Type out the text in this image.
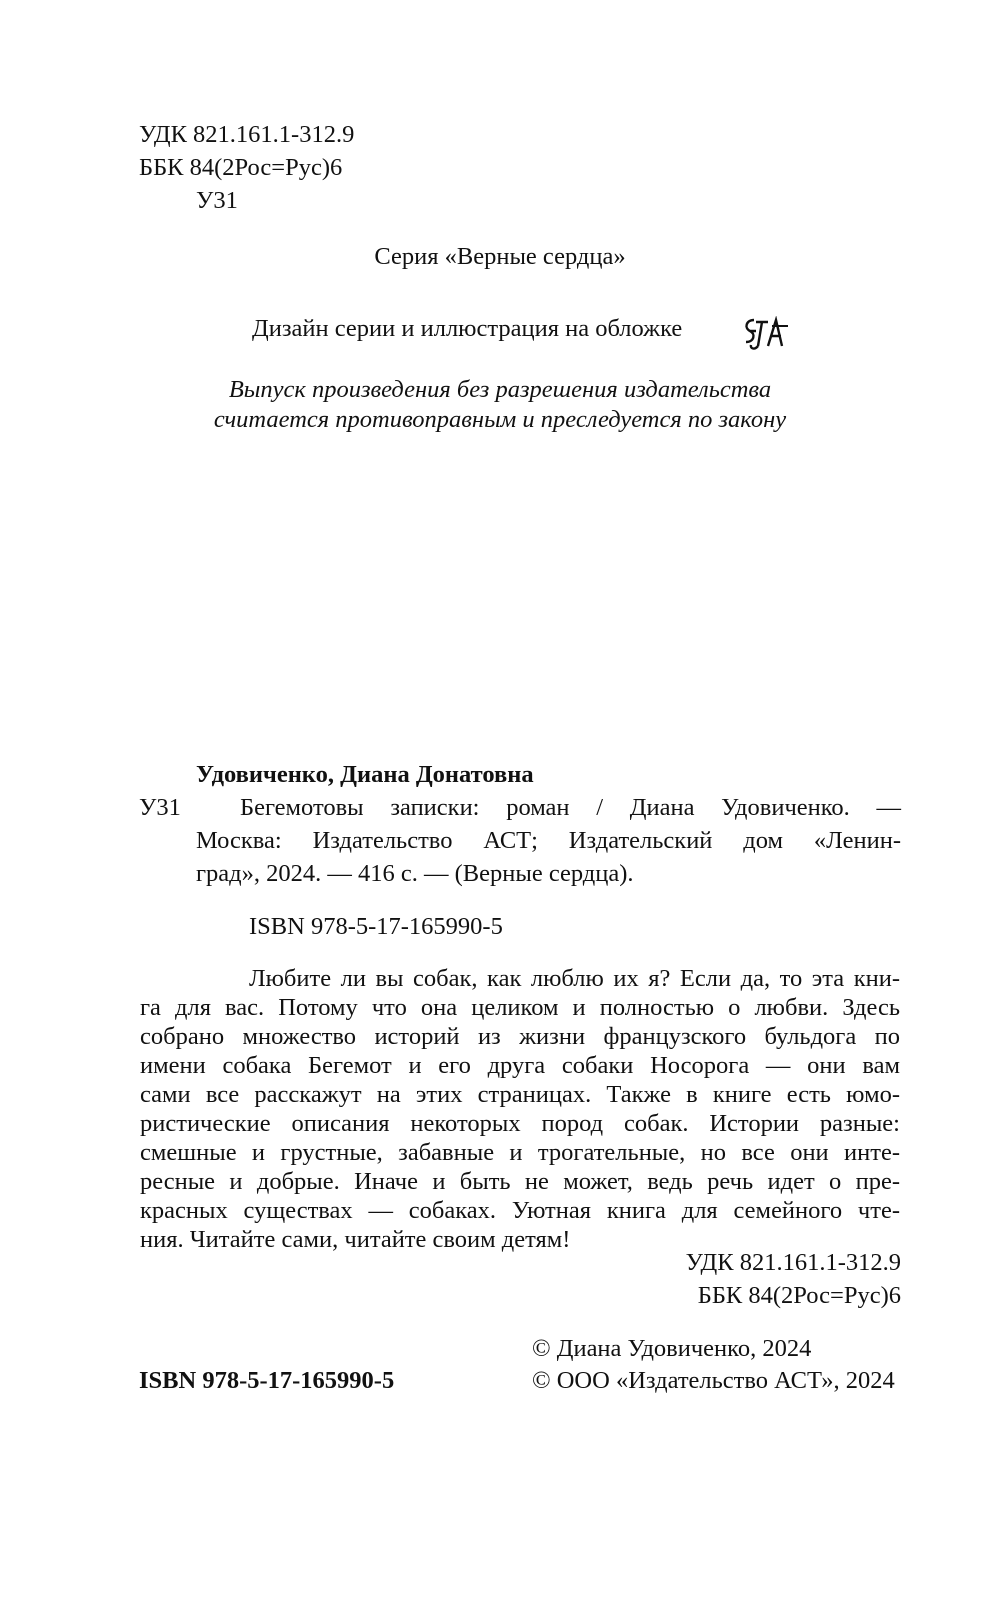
УДК 821.161.1-312.9
ББК 84(2Рос=Рус)6
У31
Серия «Верные сердца»
Дизайн серии и иллюстрация на обложке
Выпуск произведения без разрешения издательства
считается противоправным и преследуется по закону
Удовиченко, Диана Донатовна
У31 Бегемотовы записки: роман / Диана Удовиченко. —
Москва: Издательство АСТ; Издательский дом «Ленин-
град», 2024. — 416 с. — (Верные сердца).
ISBN 978-5-17-165990-5
Любите ли вы собак, как люблю их я? Если да, то эта кни-
га для вас. Потому что она целиком и полностью о любви. Здесь
собрано множество историй из жизни французского бульдога по
имени собака Бегемот и его друга собаки Носорога — они вам
сами все расскажут на этих страницах. Также в книге есть юмо-
ристические описания некоторых пород собак. Истории разные:
смешные и грустные, забавные и трогательные, но все они инте-
ресные и добрые. Иначе и быть не может, ведь речь идет о пре-
красных существах — собаках. Уютная книга для семейного чте-
ния. Читайте сами, читайте своим детям!
УДК 821.161.1-312.9
ББК 84(2Рос=Рус)6
© Диана Удовиченко, 2024
© ООО «Издательство АСТ», 2024
ISBN 978-5-17-165990-5
